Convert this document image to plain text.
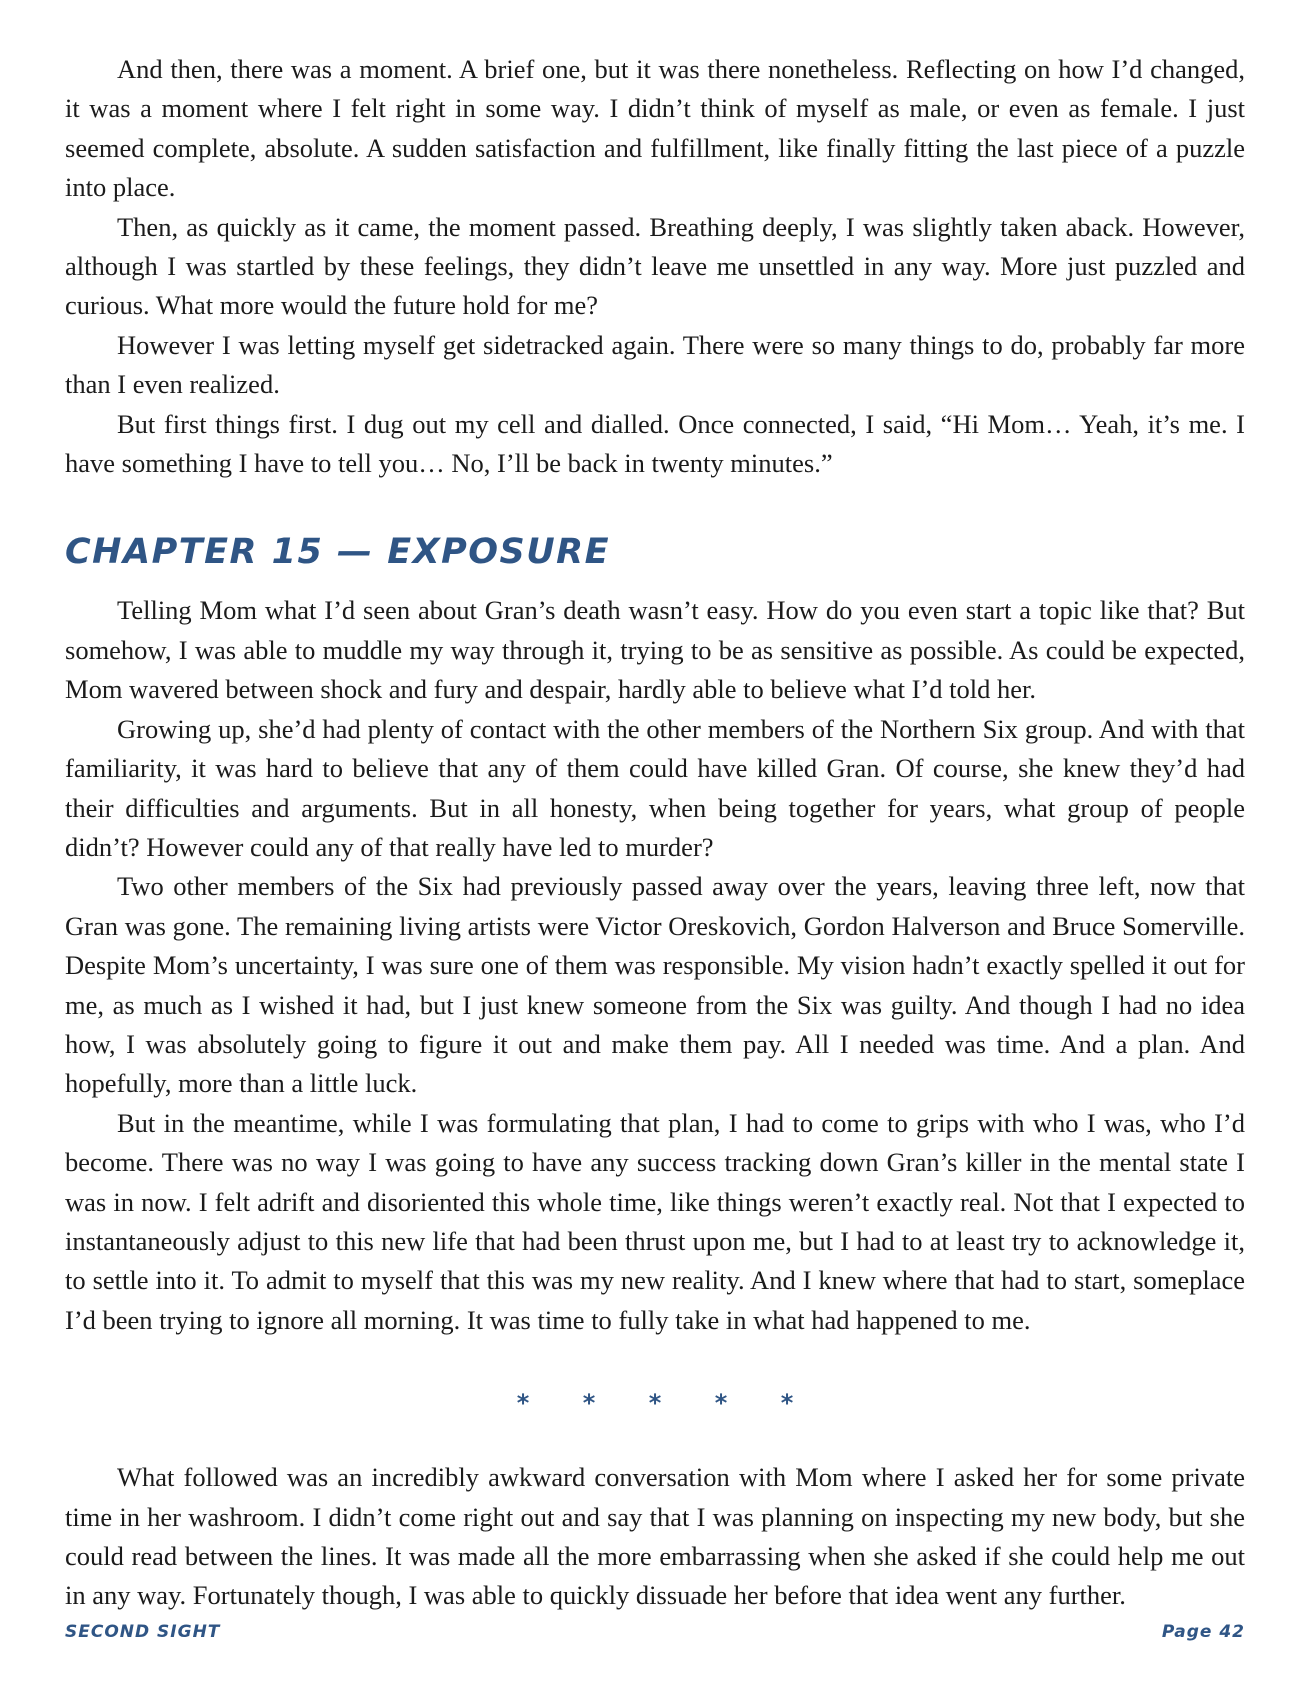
And then, there was a moment. A brief one, but it was there nonetheless. Reflecting on how I’d changed, it was a moment where I felt right in some way. I didn’t think of myself as male, or even as female. I just seemed complete, absolute. A sudden satisfaction and fulfillment, like finally fitting the last piece of a puzzle into place.

Then, as quickly as it came, the moment passed. Breathing deeply, I was slightly taken aback. However, although I was startled by these feelings, they didn’t leave me unsettled in any way. More just puzzled and curious. What more would the future hold for me?

However I was letting myself get sidetracked again. There were so many things to do, probably far more than I even realized.

But first things first. I dug out my cell and dialled. Once connected, I said, “Hi Mom… Yeah, it’s me. I have something I have to tell you… No, I’ll be back in twenty minutes.”

CHAPTER 15 — EXPOSURE

Telling Mom what I’d seen about Gran’s death wasn’t easy. How do you even start a topic like that? But somehow, I was able to muddle my way through it, trying to be as sensitive as possible. As could be expected, Mom wavered between shock and fury and despair, hardly able to believe what I’d told her.

Growing up, she’d had plenty of contact with the other members of the Northern Six group. And with that familiarity, it was hard to believe that any of them could have killed Gran. Of course, she knew they’d had their difficulties and arguments. But in all honesty, when being together for years, what group of people didn’t? However could any of that really have led to murder?

Two other members of the Six had previously passed away over the years, leaving three left, now that Gran was gone. The remaining living artists were Victor Oreskovich, Gordon Halverson and Bruce Somerville. Despite Mom’s uncertainty, I was sure one of them was responsible. My vision hadn’t exactly spelled it out for me, as much as I wished it had, but I just knew someone from the Six was guilty. And though I had no idea how, I was absolutely going to figure it out and make them pay. All I needed was time. And a plan. And hopefully, more than a little luck.

But in the meantime, while I was formulating that plan, I had to come to grips with who I was, who I’d become. There was no way I was going to have any success tracking down Gran’s killer in the mental state I was in now. I felt adrift and disoriented this whole time, like things weren’t exactly real. Not that I expected to instantaneously adjust to this new life that had been thrust upon me, but I had to at least try to acknowledge it, to settle into it. To admit to myself that this was my new reality. And I knew where that had to start, someplace I’d been trying to ignore all morning. It was time to fully take in what had happened to me.

* * * * *

What followed was an incredibly awkward conversation with Mom where I asked her for some private time in her washroom. I didn’t come right out and say that I was planning on inspecting my new body, but she could read between the lines. It was made all the more embarrassing when she asked if she could help me out in any way. Fortunately though, I was able to quickly dissuade her before that idea went any further.

SECOND SIGHT	Page 42
